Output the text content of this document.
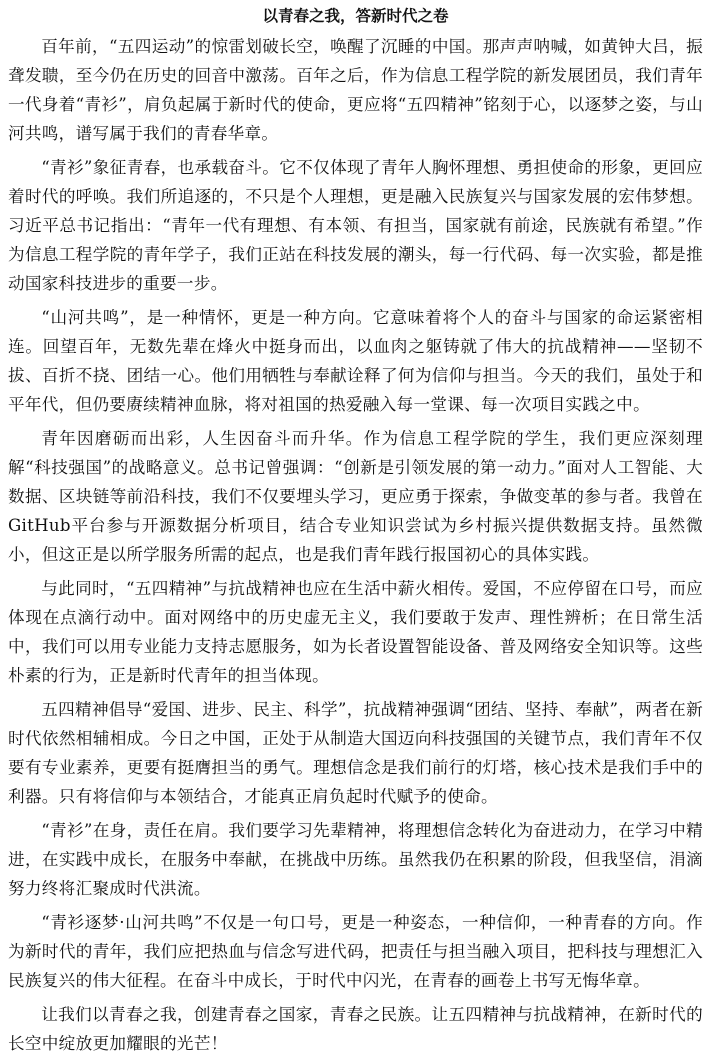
以青春之我，答新时代之卷

百年前，“五四运动”的惊雷划破长空，唤醒了沉睡的中国。那声声呐喊，如黄钟大吕，振聋发聩，至今仍在历史的回音中激荡。百年之后，作为信息工程学院的新发展团员，我们青年一代身着“青衫”，肩负起属于新时代的使命，更应将“五四精神”铭刻于心，以逐梦之姿，与山河共鸣，谱写属于我们的青春华章。

“青衫”象征青春，也承载奋斗。它不仅体现了青年人胸怀理想、勇担使命的形象，更回应着时代的呼唤。我们所追逐的，不只是个人理想，更是融入民族复兴与国家发展的宏伟梦想。习近平总书记指出：“青年一代有理想、有本领、有担当，国家就有前途，民族就有希望。”作为信息工程学院的青年学子，我们正站在科技发展的潮头，每一行代码、每一次实验，都是推动国家科技进步的重要一步。

“山河共鸣”，是一种情怀，更是一种方向。它意味着将个人的奋斗与国家的命运紧密相连。回望百年，无数先辈在烽火中挺身而出，以血肉之躯铸就了伟大的抗战精神——坚韧不拔、百折不挠、团结一心。他们用牺牲与奉献诠释了何为信仰与担当。今天的我们，虽处于和平年代，但仍要赓续精神血脉，将对祖国的热爱融入每一堂课、每一次项目实践之中。

青年因磨砺而出彩，人生因奋斗而升华。作为信息工程学院的学生，我们更应深刻理解“科技强国”的战略意义。总书记曾强调：“创新是引领发展的第一动力。”面对人工智能、大数据、区块链等前沿科技，我们不仅要埋头学习，更应勇于探索，争做变革的参与者。我曾在GitHub平台参与开源数据分析项目，结合专业知识尝试为乡村振兴提供数据支持。虽然微小，但这正是以所学服务所需的起点，也是我们青年践行报国初心的具体实践。

与此同时，“五四精神”与抗战精神也应在生活中薪火相传。爱国，不应停留在口号，而应体现在点滴行动中。面对网络中的历史虚无主义，我们要敢于发声、理性辨析；在日常生活中，我们可以用专业能力支持志愿服务，如为长者设置智能设备、普及网络安全知识等。这些朴素的行为，正是新时代青年的担当体现。

五四精神倡导“爱国、进步、民主、科学”，抗战精神强调“团结、坚持、奉献”，两者在新时代依然相辅相成。今日之中国，正处于从制造大国迈向科技强国的关键节点，我们青年不仅要有专业素养，更要有挺膺担当的勇气。理想信念是我们前行的灯塔，核心技术是我们手中的利器。只有将信仰与本领结合，才能真正肩负起时代赋予的使命。

“青衫”在身，责任在肩。我们要学习先辈精神，将理想信念转化为奋进动力，在学习中精进，在实践中成长，在服务中奉献，在挑战中历练。虽然我仍在积累的阶段，但我坚信，涓滴努力终将汇聚成时代洪流。

“青衫逐梦·山河共鸣”不仅是一句口号，更是一种姿态，一种信仰，一种青春的方向。作为新时代的青年，我们应把热血与信念写进代码，把责任与担当融入项目，把科技与理想汇入民族复兴的伟大征程。在奋斗中成长，于时代中闪光，在青春的画卷上书写无悔华章。

让我们以青春之我，创建青春之国家，青春之民族。让五四精神与抗战精神，在新时代的长空中绽放更加耀眼的光芒！
